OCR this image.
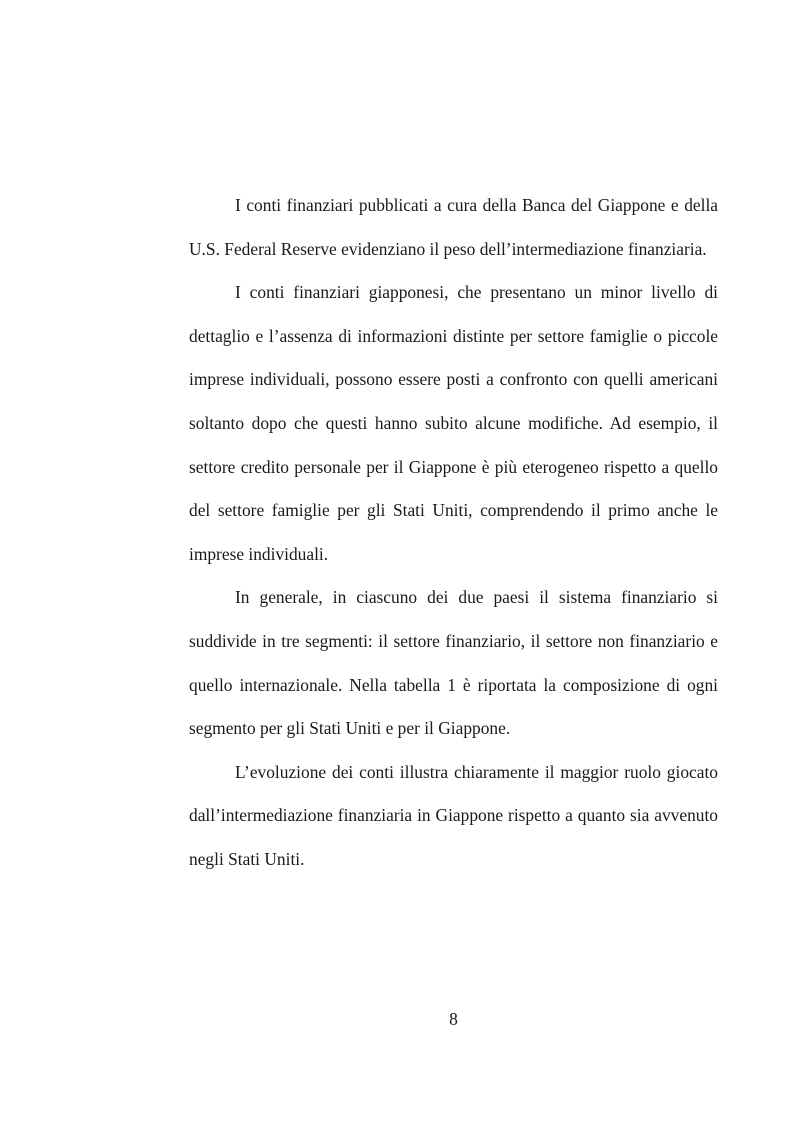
I conti finanziari pubblicati a cura della Banca del Giappone e della U.S. Federal Reserve evidenziano il peso dell’intermediazione finanziaria.

I conti finanziari giapponesi, che presentano un minor livello di dettaglio e l’assenza di informazioni distinte per settore famiglie o piccole imprese individuali, possono essere posti a confronto con quelli americani soltanto dopo che questi hanno subito alcune modifiche. Ad esempio, il settore credito personale per il Giappone è più eterogeneo rispetto a quello del settore famiglie per gli Stati Uniti, comprendendo il primo anche le imprese individuali.

In generale, in ciascuno dei due paesi il sistema finanziario si suddivide in tre segmenti: il settore finanziario, il settore non finanziario e quello internazionale. Nella tabella 1 è riportata la composizione di ogni segmento per gli Stati Uniti e per il Giappone.

L’evoluzione dei conti illustra chiaramente il maggior ruolo giocato dall’intermediazione finanziaria in Giappone rispetto a quanto sia avvenuto negli Stati Uniti.

8
